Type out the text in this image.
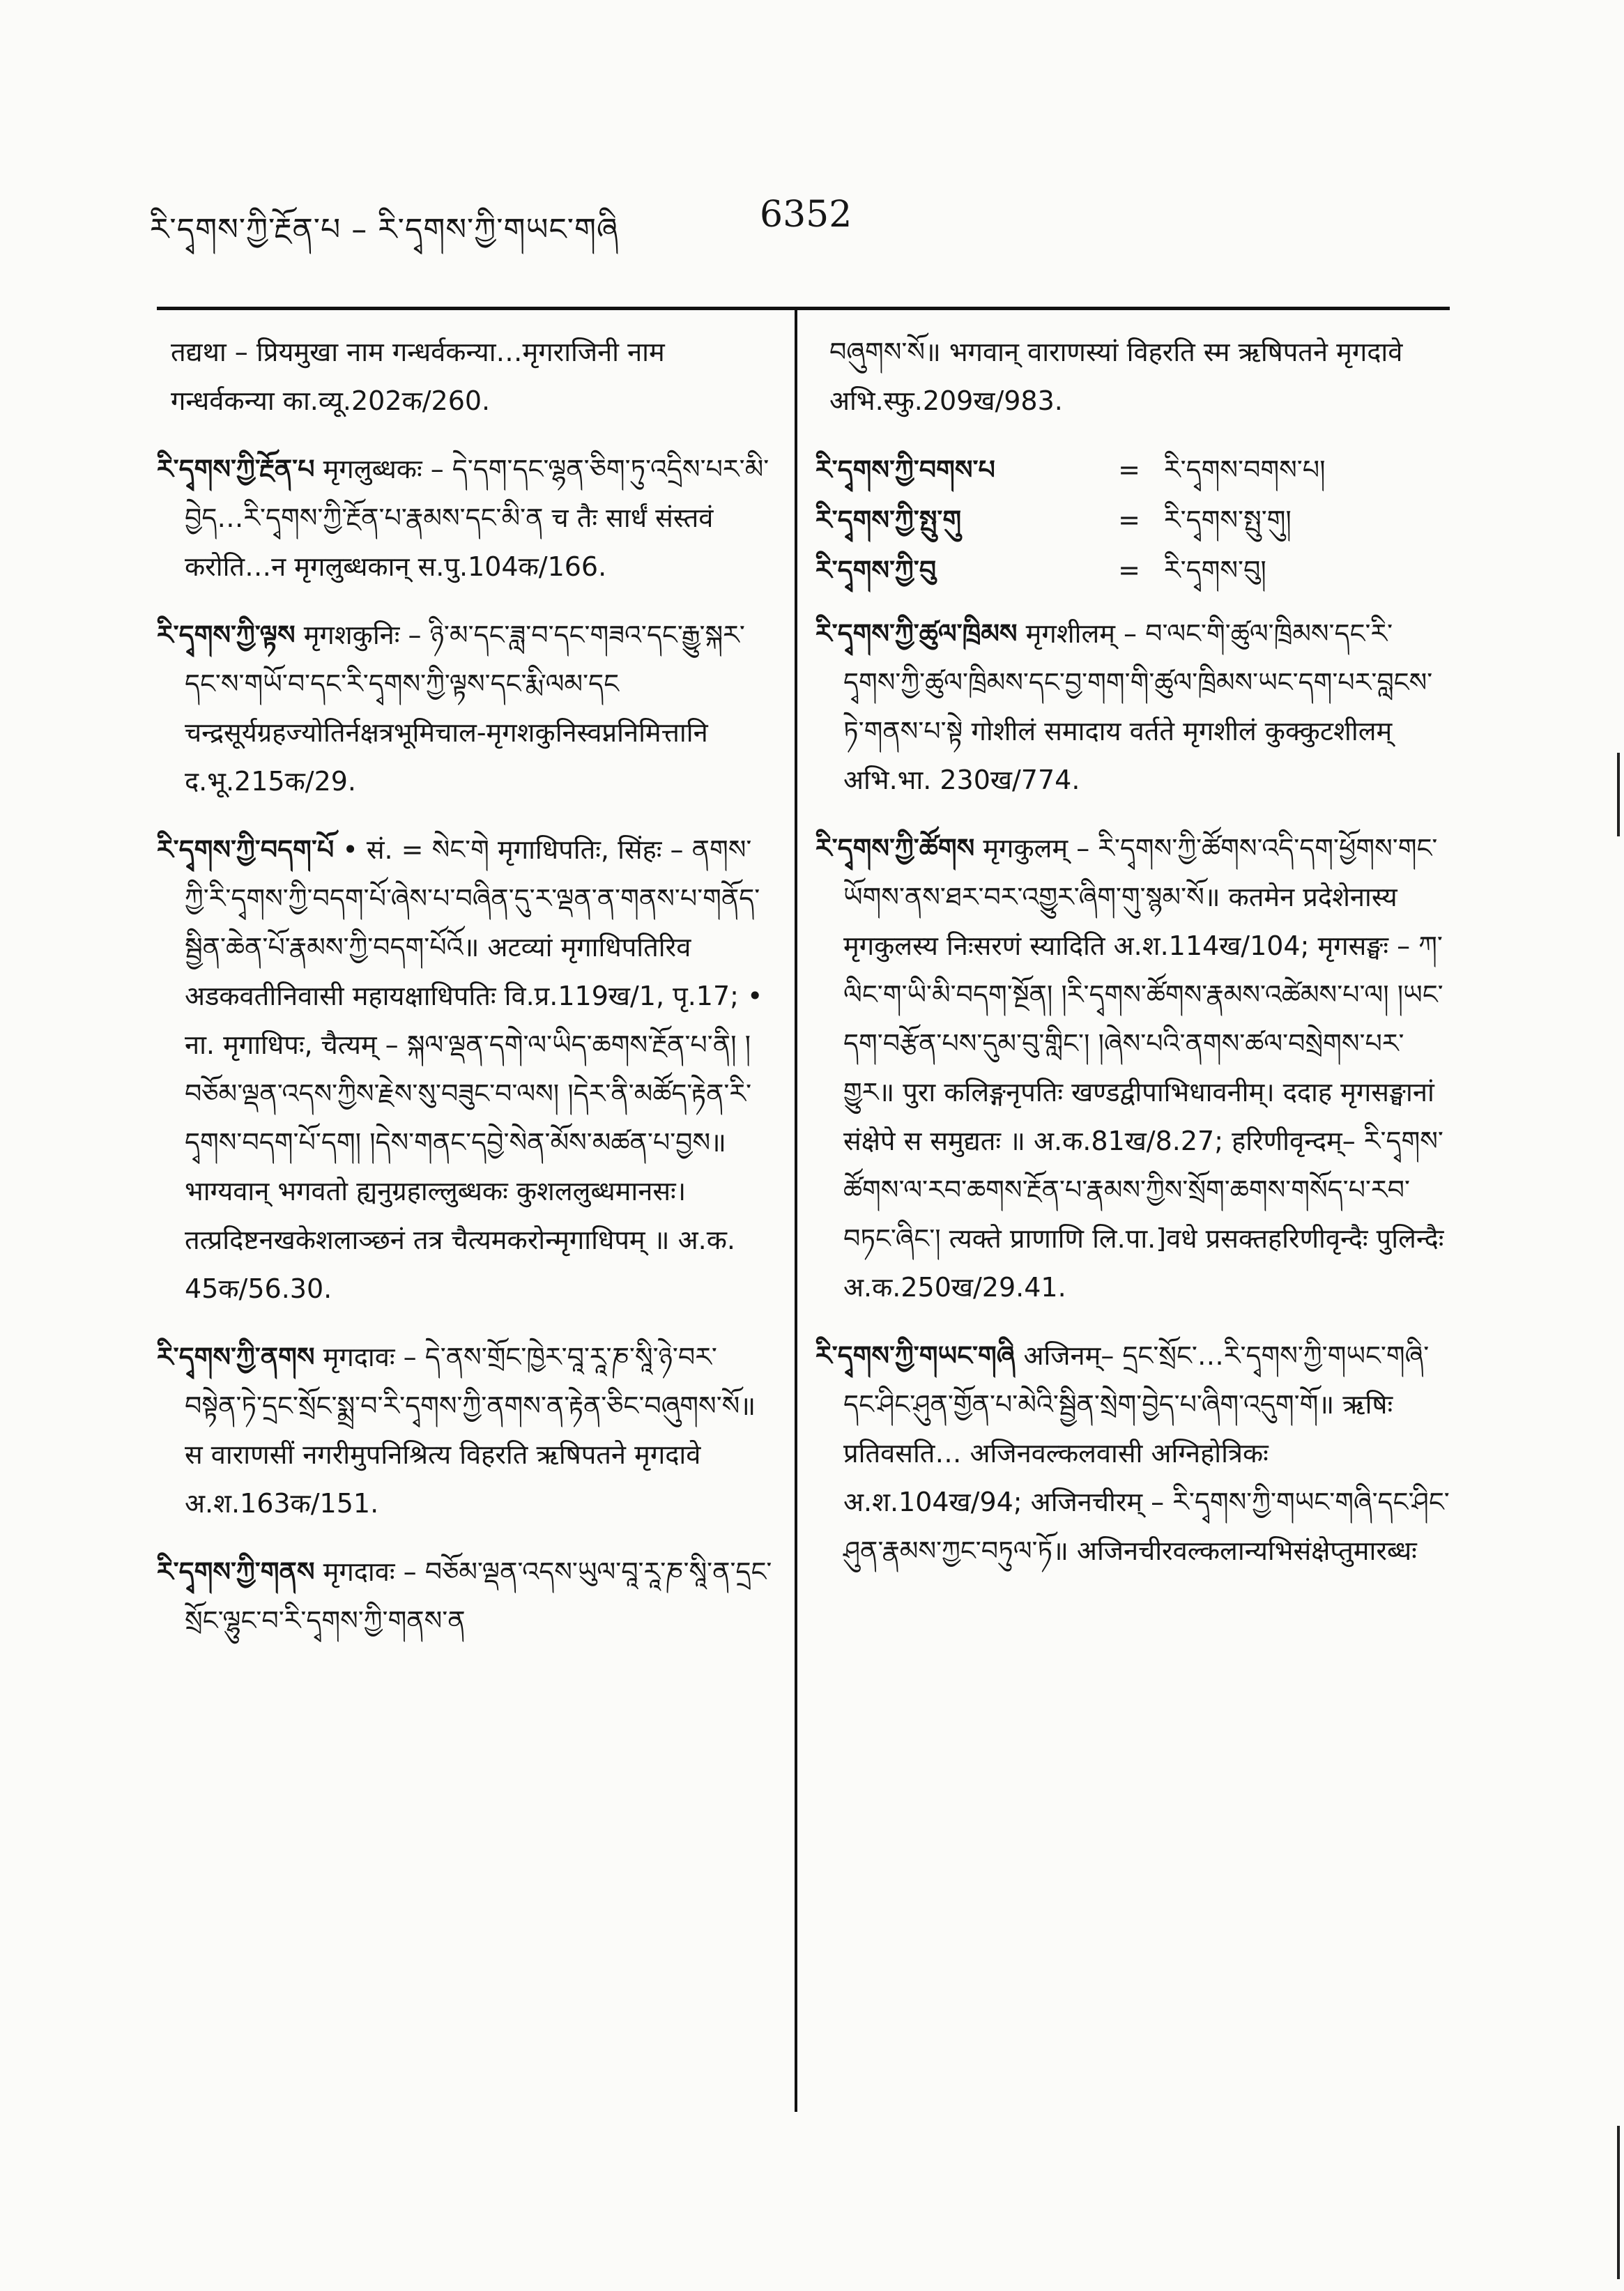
རི་དྭགས་ཀྱི་རྔོན་པ – རི་དྭགས་ཀྱི་གཡང་གཞི	6352

तद्यथा – प्रियमुखा नाम गन्धर्वकन्या…मृगराजिनी नाम गन्धर्वकन्या का.व्यू.202क/260.

རི་དྭགས་ཀྱི་རྔོན་པ मृगलुब्धकः – དེ་དག་དང་ལྷན་ཅིག་ཏུ་འདྲིས་པར་མི་བྱེད…རི་དྭགས་ཀྱི་རྔོན་པ་རྣམས་དང་མི་ན च तैः सार्धं संस्तवं करोति…न मृगलुब्धकान् स.पु.104क/166.

རི་དྭགས་ཀྱི་ལྟས मृगशकुनिः – ཉི་མ་དང་ཟླ་བ་དང་གཟའ་དང་རྒྱུ་སྐར་དང་ས་གཡོ་བ་དང་རི་དྭགས་ཀྱི་ལྟས་དང་རྨི་ལམ་དང चन्द्रसूर्यग्रहज्योतिर्नक्षत्रभूमिचाल-मृगशकुनिस्वप्ननिमित्तानि द.भू.215क/29.

རི་དྭགས་ཀྱི་བདག་པོ • सं. = སེང་གེ मृगाधिपतिः, सिंहः – ནགས་ཀྱི་རི་དྭགས་ཀྱི་བདག་པོ་ཞེས་པ་བཞིན་དུ་ར་ལྡན་ན་གནས་པ་གནོད་སྦྱིན་ཆེན་པོ་རྣམས་ཀྱི་བདག་པོའོ॥ अटव्यां मृगाधिपतिरिव अडकवतीनिवासी महायक्षाधिपतिः वि.प्र.119ख/1, पृ.17; • ना. मृगाधिपः, चैत्यम् – སྐལ་ལྡན་དགེ་ལ་ཡིད་ཆགས་རྔོན་པ་ནི། །བཅོམ་ལྡན་འདས་ཀྱིས་རྗེས་སུ་བཟུང་བ་ལས། །དེར་ནི་མཚོད་རྟེན་རི་དྭགས་བདག་པོ་དག། །དེས་གནང་དབྱེ་སེན་མོས་མཚན་པ་བྱས॥ भाग्यवान् भगवतो ह्यनुग्रहाल्लुब्धकः कुशललुब्धमानसः। तत्प्रदिष्टनखकेशलाञ्छनं तत्र चैत्यमकरोन्मृगाधिपम् ॥ अ.क. 45क/56.30.

རི་དྭགས་ཀྱི་ནགས मृगदावः – དེ་ནས་གྲོང་ཁྱེར་བཱ་རཱ་ཎ་སཱི་ཉེ་བར་བསྟེན་ཏེ་དྲང་སྲོང་སྨྲ་བ་རི་དྭགས་ཀྱི་ནགས་ན་རྟེན་ཅིང་བཞུགས་སོ॥ स वाराणसीं नगरीमुपनिश्रित्य विहरति ऋषिपतने मृगदावे अ.श.163क/151.

རི་དྭགས་ཀྱི་གནས मृगदावः – བཅོམ་ལྡན་འདས་ཡུལ་བཱ་རཱ་ཎ་སཱི་ན་དྲང་སྲོང་ལྷུང་བ་རི་དྭགས་ཀྱི་གནས་ན

བཞུགས་སོ॥ भगवान् वाराणस्यां विहरति स्म ऋषिपतने मृगदावे अभि.स्फु.209ख/983.

རི་དྭགས་ཀྱི་བགས་པ	= རི་དྭགས་བགས་པ།
རི་དྭགས་ཀྱི་སྤུ་གུ	= རི་དྭགས་སྤུ་གུ།
རི་དྭགས་ཀྱི་བུ	= རི་དྭགས་བུ།

རི་དྭགས་ཀྱི་ཚུལ་ཁྲིམས मृगशीलम् – བ་ལང་གི་ཚུལ་ཁྲིམས་དང་རི་དྭགས་ཀྱི་ཚུལ་ཁྲིམས་དང་བྱ་གག་གི་ཚུལ་ཁྲིམས་ཡང་དག་པར་བླངས་ཏེ་གནས་པ་སྟེ गोशीलं समादाय वर्तते मृगशीलं कुक्कुटशीलम् अभि.भा. 230ख/774.

རི་དྭགས་ཀྱི་ཚོགས मृगकुलम् – རི་དྭགས་ཀྱི་ཚོགས་འདི་དག་ཕྱོགས་གང་ཡོགས་ནས་ཐར་བར་འགྱུར་ཞིག་གུ་སྙམ་སོ॥ कतमेन प्रदेशेनास्य मृगकुलस्य निःसरणं स्यादिति अ.श.114ख/104; मृगसङ्घः – ཀ་ལིང་ག་ཡི་མི་བདག་སྔོན། །རི་དྭགས་ཚོགས་རྣམས་འཚེམས་པ་ལ། །ཡང་དག་བརྩོན་པས་དུམ་བུ་གླིང་། །ཞེས་པའི་ནགས་ཚལ་བསྲེགས་པར་གྱུར॥ पुरा कलिङ्गनृपतिः खण्डद्वीपाभिधावनीम्। ददाह मृगसङ्घानां संक्षेपे स समुद्यतः ॥ अ.क.81ख/8.27; हरिणीवृन्दम्– རི་དྭགས་ཚོགས་ལ་རབ་ཆགས་རྔོན་པ་རྣམས་ཀྱིས་སྲོག་ཆགས་གསོད་པ་རབ་བཏང་ཞིང་། त्यक्ते प्राणाणि लि.पा.]वधे प्रसक्तहरिणीवृन्दैः पुलिन्दैः अ.क.250ख/29.41.

རི་དྭགས་ཀྱི་གཡང་གཞི अजिनम्– དྲང་སྲོང་…རི་དྭགས་ཀྱི་གཡང་གཞི་དང་ཤིང་ཤུན་གྱོན་པ་མེའི་སྦྱིན་སྲེག་བྱེད་པ་ཞིག་འདུག་གོ॥ ऋषिः प्रतिवसति… अजिनवल्कलवासी अग्निहोत्रिकः अ.श.104ख/94; अजिनचीरम् – རི་དྭགས་ཀྱི་གཡང་གཞི་དང་ཤིང་ཤུན་རྣམས་ཀྱང་བཏུལ་ཏོ॥ अजिनचीरवल्कलान्यभिसंक्षेप्तुमारब्धः
